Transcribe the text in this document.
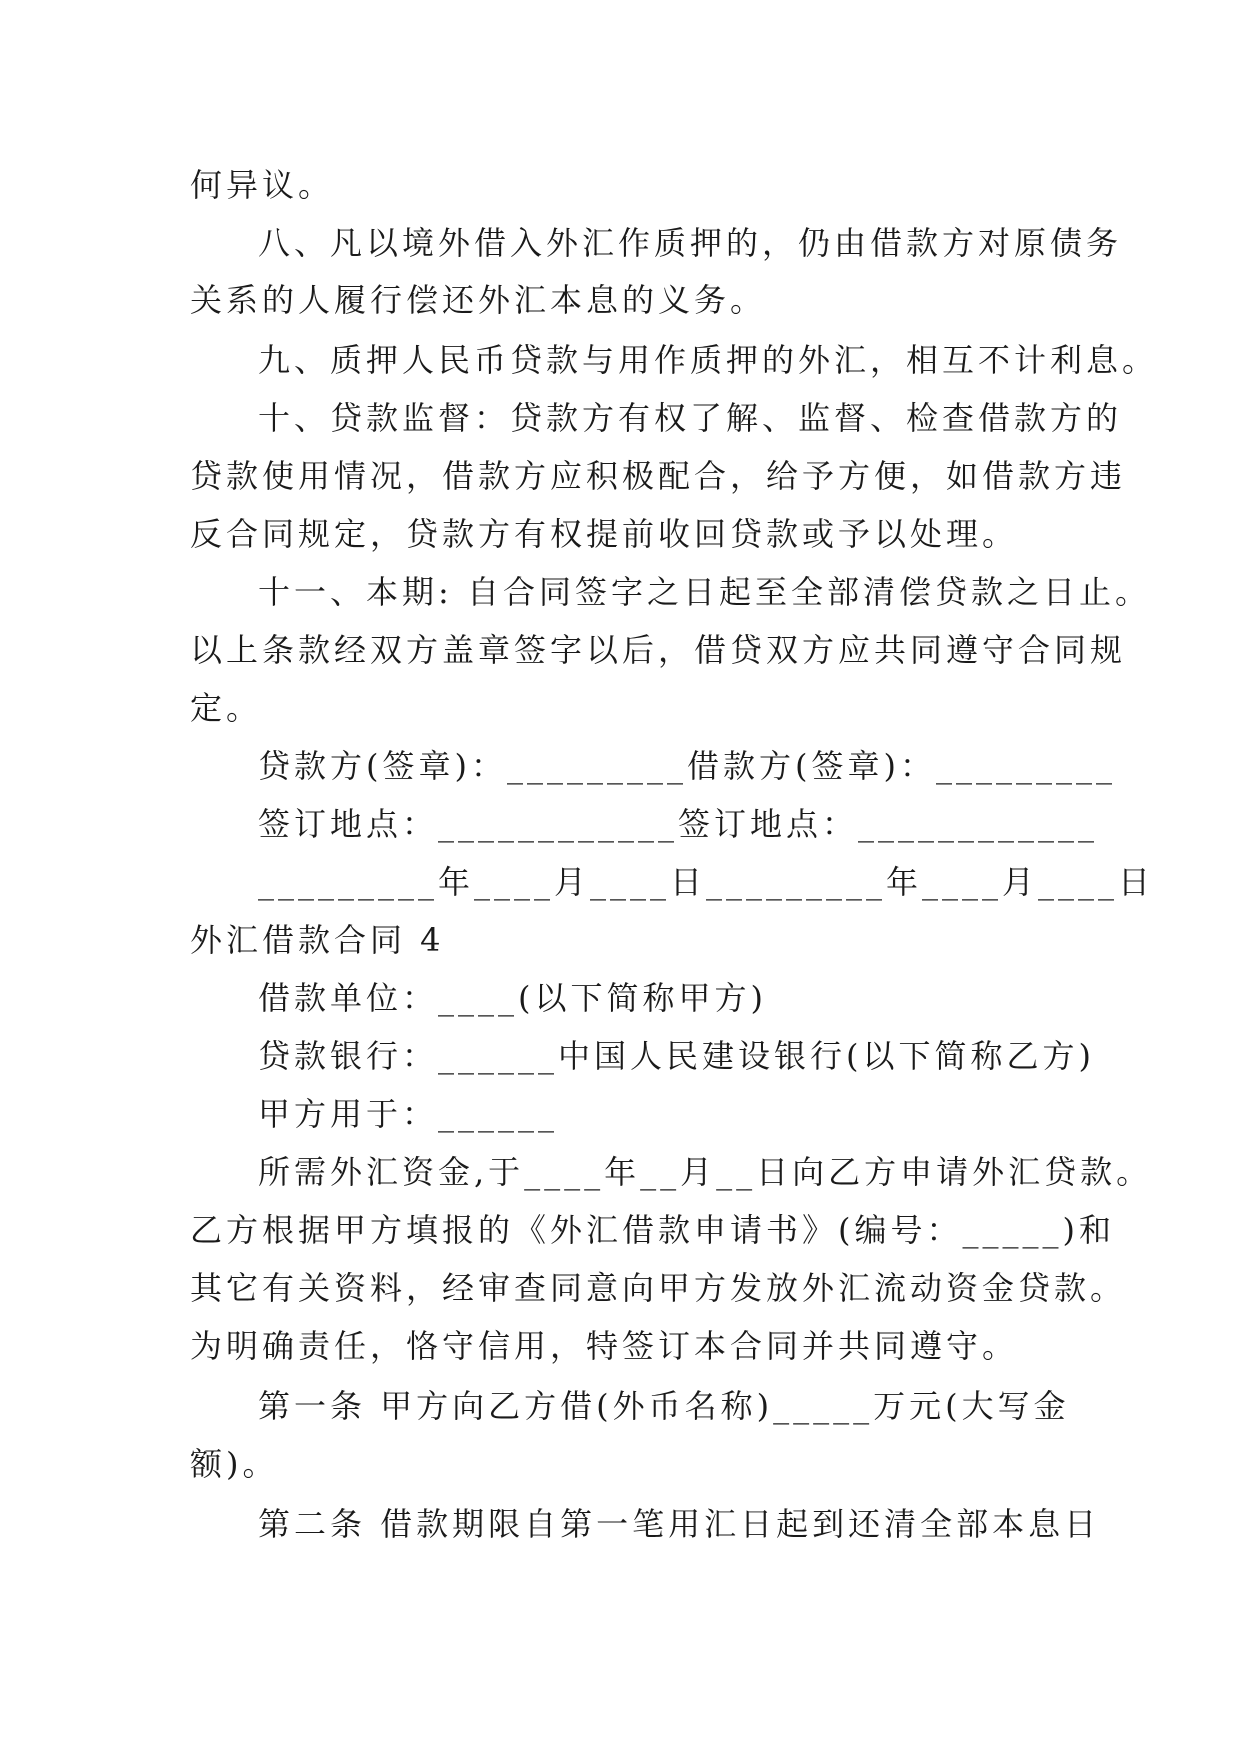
何异议。
八、凡以境外借入外汇作质押的，仍由借款方对原债务
关系的人履行偿还外汇本息的义务。
九、质押人民币贷款与用作质押的外汇，相互不计利息。
十、贷款监督：贷款方有权了解、监督、检查借款方的
贷款使用情况，借款方应积极配合，给予方便，如借款方违
反合同规定，贷款方有权提前收回贷款或予以处理。
十一、本期: 自合同签字之日起至全部清偿贷款之日止。
以上条款经双方盖章签字以后，借贷双方应共同遵守合同规
定。
贷款方(签章)：_________借款方(签章)：_________
签订地点：____________签订地点：____________
_________年____月____日_________年____月____日
外汇借款合同 4
借款单位：____(以下简称甲方)
贷款银行：______中国人民建设银行(以下简称乙方)
甲方用于：______
所需外汇资金,于____年__月__日向乙方申请外汇贷款。
乙方根据甲方填报的《外汇借款申请书》(编号：_____)和
其它有关资料，经审查同意向甲方发放外汇流动资金贷款。
为明确责任，恪守信用，特签订本合同并共同遵守。
第一条 甲方向乙方借(外币名称)_____万元(大写金
额)。
第二条 借款期限自第一笔用汇日起到还清全部本息日
